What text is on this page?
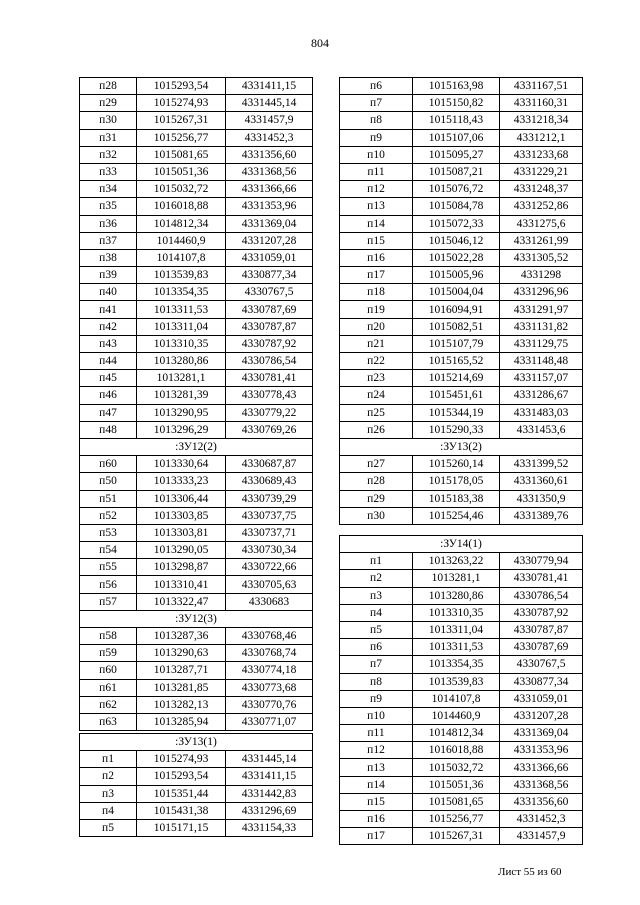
804
п28	1015293,54	4331411,15
п29	1015274,93	4331445,14
п30	1015267,31	4331457,9
п31	1015256,77	4331452,3
п32	1015081,65	4331356,60
п33	1015051,36	4331368,56
п34	1015032,72	4331366,66
п35	1016018,88	4331353,96
п36	1014812,34	4331369,04
п37	1014460,9	4331207,28
п38	1014107,8	4331059,01
п39	1013539,83	4330877,34
п40	1013354,35	4330767,5
п41	1013311,53	4330787,69
п42	1013311,04	4330787,87
п43	1013310,35	4330787,92
п44	1013280,86	4330786,54
п45	1013281,1	4330781,41
п46	1013281,39	4330778,43
п47	1013290,95	4330779,22
п48	1013296,29	4330769,26
:ЗУ12(2)		
п60	1013330,64	4330687,87
п50	1013333,23	4330689,43
п51	1013306,44	4330739,29
п52	1013303,85	4330737,75
п53	1013303,81	4330737,71
п54	1013290,05	4330730,34
п55	1013298,87	4330722,66
п56	1013310,41	4330705,63
п57	1013322,47	4330683
:ЗУ12(3)		
п58	1013287,36	4330768,46
п59	1013290,63	4330768,74
п60	1013287,71	4330774,18
п61	1013281,85	4330773,68
п62	1013282,13	4330770,76
п63	1013285,94	4330771,07
:ЗУ13(1)		
п1	1015274,93	4331445,14
п2	1015293,54	4331411,15
п3	1015351,44	4331442,83
п4	1015431,38	4331296,69
п5	1015171,15	4331154,33
п6	1015163,98	4331167,51
п7	1015150,82	4331160,31
п8	1015118,43	4331218,34
п9	1015107,06	4331212,1
п10	1015095,27	4331233,68
п11	1015087,21	4331229,21
п12	1015076,72	4331248,37
п13	1015084,78	4331252,86
п14	1015072,33	4331275,6
п15	1015046,12	4331261,99
п16	1015022,28	4331305,52
п17	1015005,96	4331298
п18	1015004,04	4331296,96
п19	1016094,91	4331291,97
п20	1015082,51	4331131,82
п21	1015107,79	4331129,75
п22	1015165,52	4331148,48
п23	1015214,69	4331157,07
п24	1015451,61	4331286,67
п25	1015344,19	4331483,03
п26	1015290,33	4331453,6
:ЗУ13(2)		
п27	1015260,14	4331399,52
п28	1015178,05	4331360,61
п29	1015183,38	4331350,9
п30	1015254,46	4331389,76
:ЗУ14(1)		
п1	1013263,22	4330779,94
п2	1013281,1	4330781,41
п3	1013280,86	4330786,54
п4	1013310,35	4330787,92
п5	1013311,04	4330787,87
п6	1013311,53	4330787,69
п7	1013354,35	4330767,5
п8	1013539,83	4330877,34
п9	1014107,8	4331059,01
п10	1014460,9	4331207,28
п11	1014812,34	4331369,04
п12	1016018,88	4331353,96
п13	1015032,72	4331366,66
п14	1015051,36	4331368,56
п15	1015081,65	4331356,60
п16	1015256,77	4331452,3
п17	1015267,31	4331457,9
Лист 55 из 60
